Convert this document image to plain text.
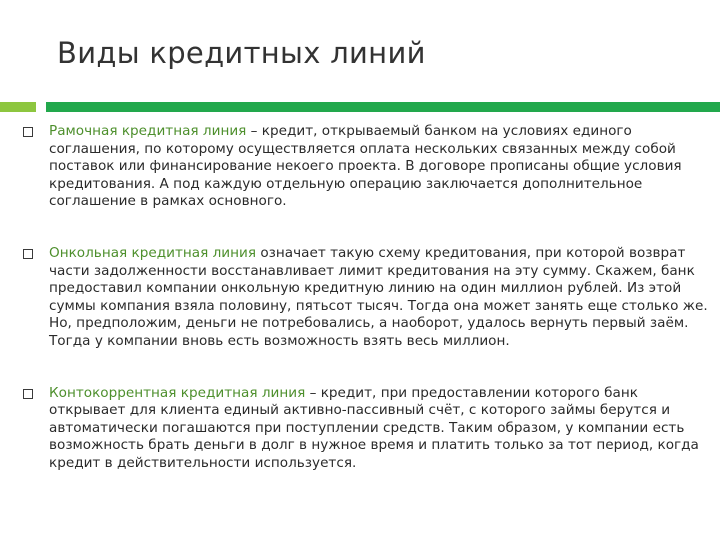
Виды кредитных линий
Рамочная кредитная линия – кредит, открываемый банком на условиях единого соглашения, по которому осуществляется оплата нескольких связанных между собой поставок или финансирование некоего проекта. В договоре прописаны общие условия кредитования. А под каждую отдельную операцию заключается дополнительное соглашение в рамках основного.
Онкольная кредитная линия означает такую схему кредитования, при которой возврат части задолженности восстанавливает лимит кредитования на эту сумму. Скажем, банк предоставил компании онкольную кредитную линию на один миллион рублей. Из этой суммы компания взяла половину, пятьсот тысяч. Тогда она может занять еще столько же. Но, предположим, деньги не потребовались, а наоборот, удалось вернуть первый заём. Тогда у компании вновь есть возможность взять весь миллион.
Контокоррентная кредитная линия – кредит, при предоставлении которого банк открывает для клиента единый активно-пассивный счёт, с которого займы берутся и автоматически погашаются при поступлении средств. Таким образом, у компании есть возможность брать деньги в долг в нужное время и платить только за тот период, когда кредит в действительности используется.
